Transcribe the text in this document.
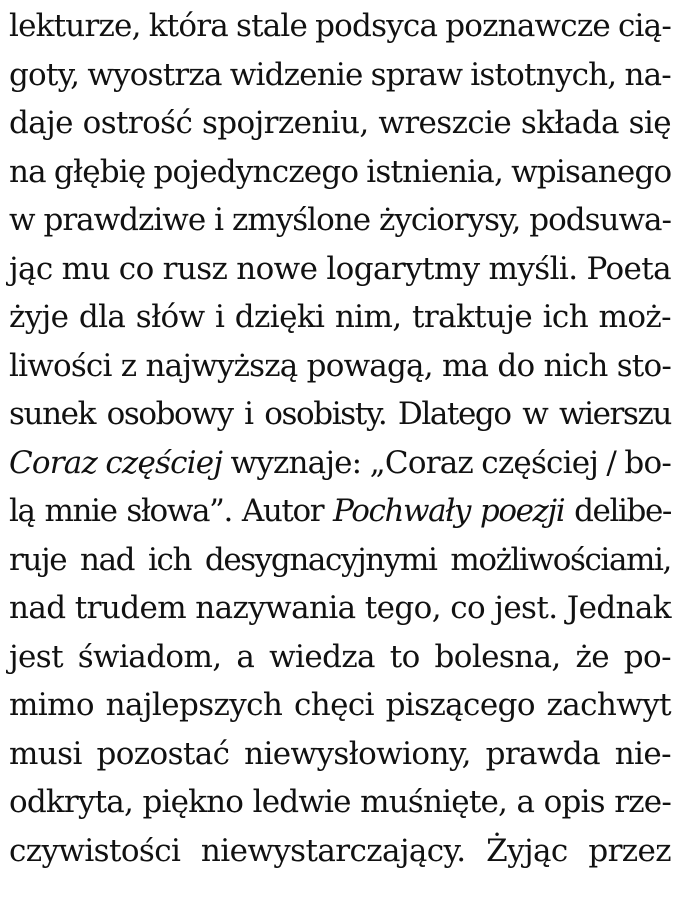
lekturze, która stale podsyca poznawcze cią-
goty, wyostrza widzenie spraw istotnych, na-
daje ostrość spojrzeniu, wreszcie składa się
na głębię pojedynczego istnienia, wpisanego
w prawdziwe i zmyślone życiorysy, podsuwa-
jąc mu co rusz nowe logarytmy myśli. Poeta
żyje dla słów i dzięki nim, traktuje ich moż-
liwości z najwyższą powagą, ma do nich sto-
sunek osobowy i osobisty. Dlatego w wierszu
Coraz częściej wyznaje: „Coraz częściej / bo-
lą mnie słowa”. Autor Pochwały poezji delibe-
ruje nad ich desygnacyjnymi możliwościami,
nad trudem nazywania tego, co jest. Jednak
jest świadom, a wiedza to bolesna, że po-
mimo najlepszych chęci piszącego zachwyt
musi pozostać niewysłowiony, prawda nie-
odkryta, piękno ledwie muśnięte, a opis rze-
czywistości niewystarczający. Żyjąc przez
